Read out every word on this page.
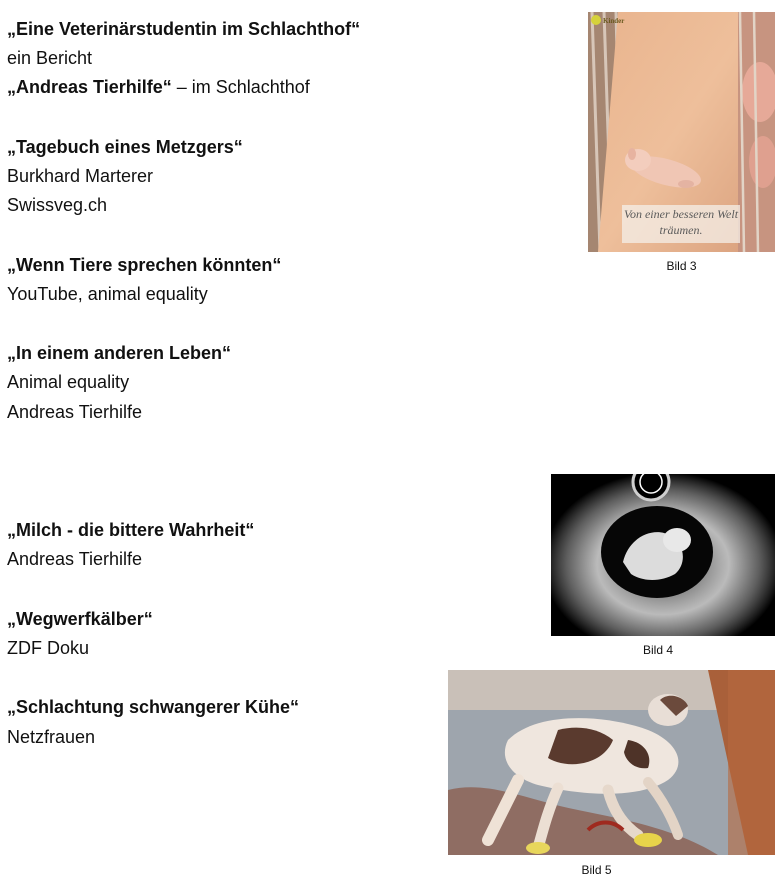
„Eine Veterinärstudentin im Schlachthof“
ein Bericht
„Andreas Tierhilfe“ – im Schlachthof
„Tagebuch eines Metzgers“
Burkhard Marterer
Swissveg.ch
„Wenn Tiere sprechen könnten“
YouTube, animal equality
„In einem anderen Leben“
Animal equality
Andreas Tierhilfe
„Milch - die bittere Wahrheit“
Andreas Tierhilfe
„Wegwerfkälber“
ZDF Doku
„Schlachtung schwangerer Kühe“
Netzfrauen
Kinder
Von einer besseren Welt träumen.
Bild 3
Bild 4
Bild 5
